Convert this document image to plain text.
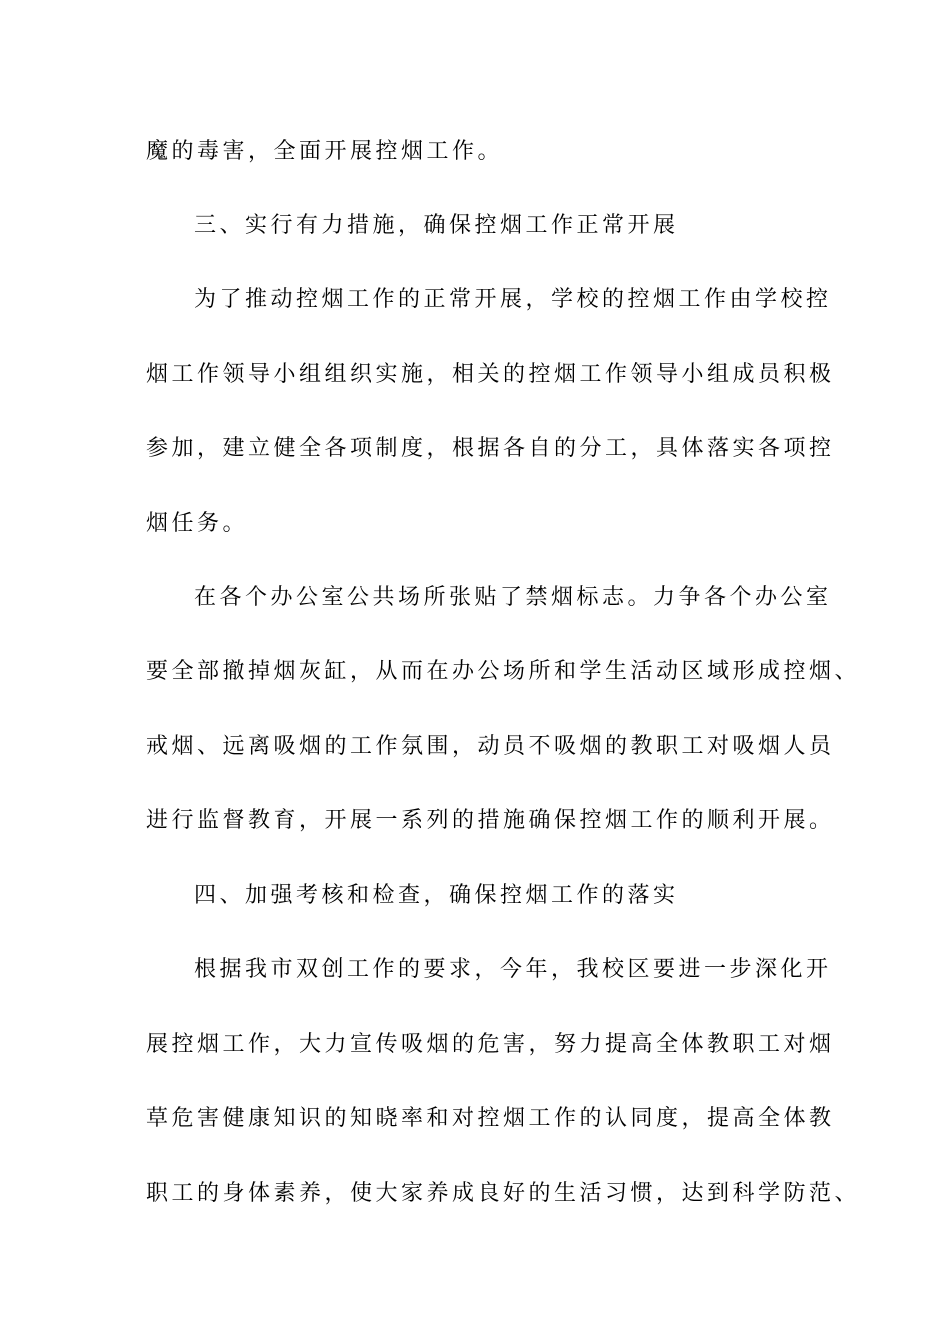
魔的毒害，全面开展控烟工作。
三、实行有力措施，确保控烟工作正常开展
为了推动控烟工作的正常开展，学校的控烟工作由学校控
烟工作领导小组组织实施，相关的控烟工作领导小组成员积极
参加，建立健全各项制度，根据各自的分工，具体落实各项控
烟任务。
在各个办公室公共场所张贴了禁烟标志。力争各个办公室
要全部撤掉烟灰缸，从而在办公场所和学生活动区域形成控烟、
戒烟、远离吸烟的工作氛围，动员不吸烟的教职工对吸烟人员
进行监督教育，开展一系列的措施确保控烟工作的顺利开展。
四、加强考核和检查，确保控烟工作的落实
根据我市双创工作的要求，今年，我校区要进一步深化开
展控烟工作，大力宣传吸烟的危害，努力提高全体教职工对烟
草危害健康知识的知晓率和对控烟工作的认同度，提高全体教
职工的身体素养，使大家养成良好的生活习惯，达到科学防范、
